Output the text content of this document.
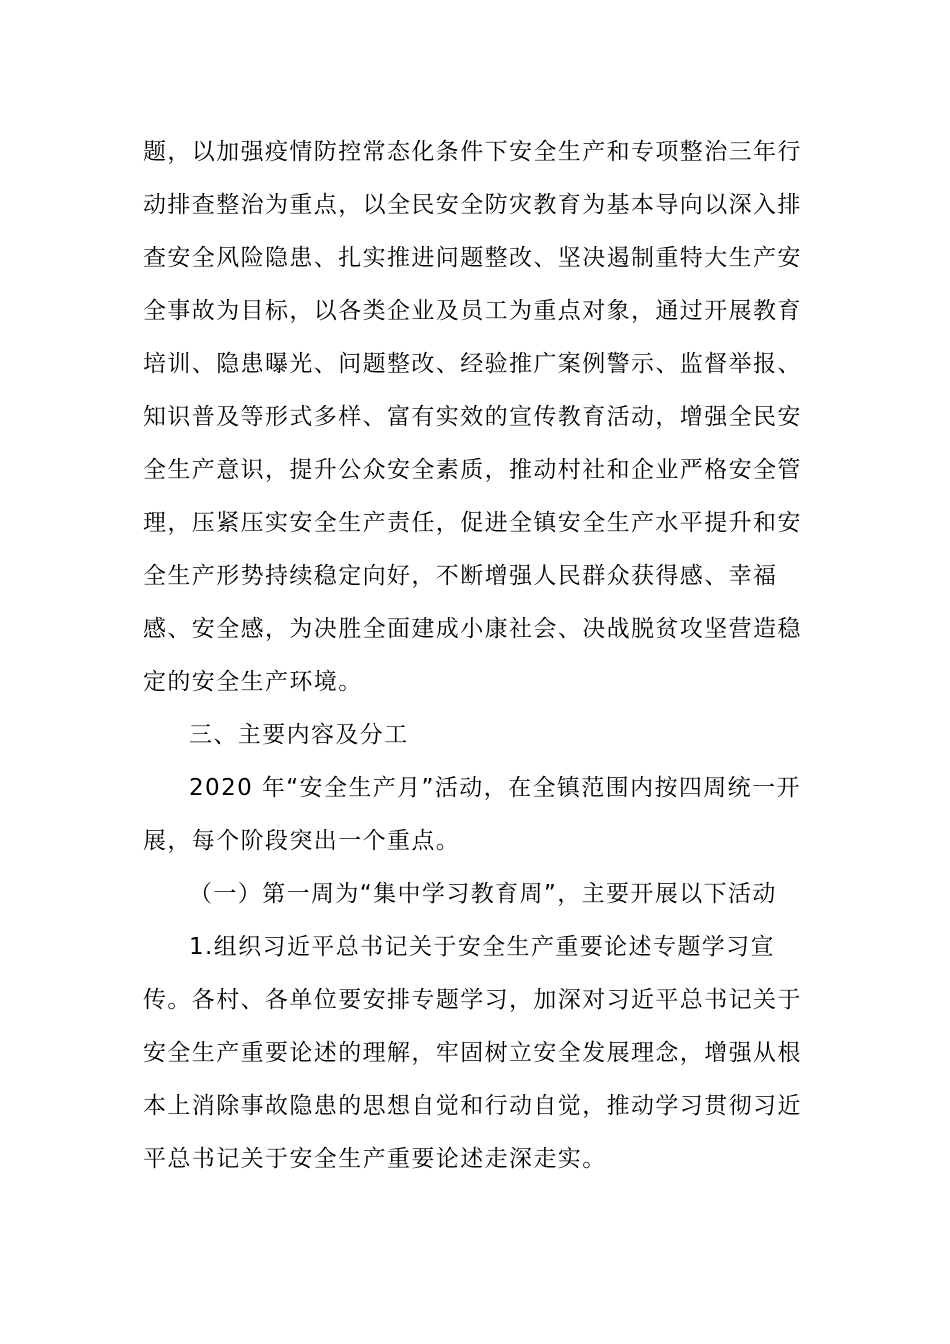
题，以加强疫情防控常态化条件下安全生产和专项整治三年行动排查整治为重点，以全民安全防灾教育为基本导向以深入排查安全风险隐患、扎实推进问题整改、坚决遏制重特大生产安全事故为目标，以各类企业及员工为重点对象，通过开展教育培训、隐患曝光、问题整改、经验推广案例警示、监督举报、知识普及等形式多样、富有实效的宣传教育活动，增强全民安全生产意识，提升公众安全素质，推动村社和企业严格安全管理，压紧压实安全生产责任，促进全镇安全生产水平提升和安全生产形势持续稳定向好，不断增强人民群众获得感、幸福感、安全感，为决胜全面建成小康社会、决战脱贫攻坚营造稳定的安全生产环境。

三、主要内容及分工

2020 年“安全生产月”活动，在全镇范围内按四周统一开展，每个阶段突出一个重点。

（一）第一周为“集中学习教育周”，主要开展以下活动

1.组织习近平总书记关于安全生产重要论述专题学习宣传。各村、各单位要安排专题学习，加深对习近平总书记关于安全生产重要论述的理解，牢固树立安全发展理念，增强从根本上消除事故隐患的思想自觉和行动自觉，推动学习贯彻习近平总书记关于安全生产重要论述走深走实。
